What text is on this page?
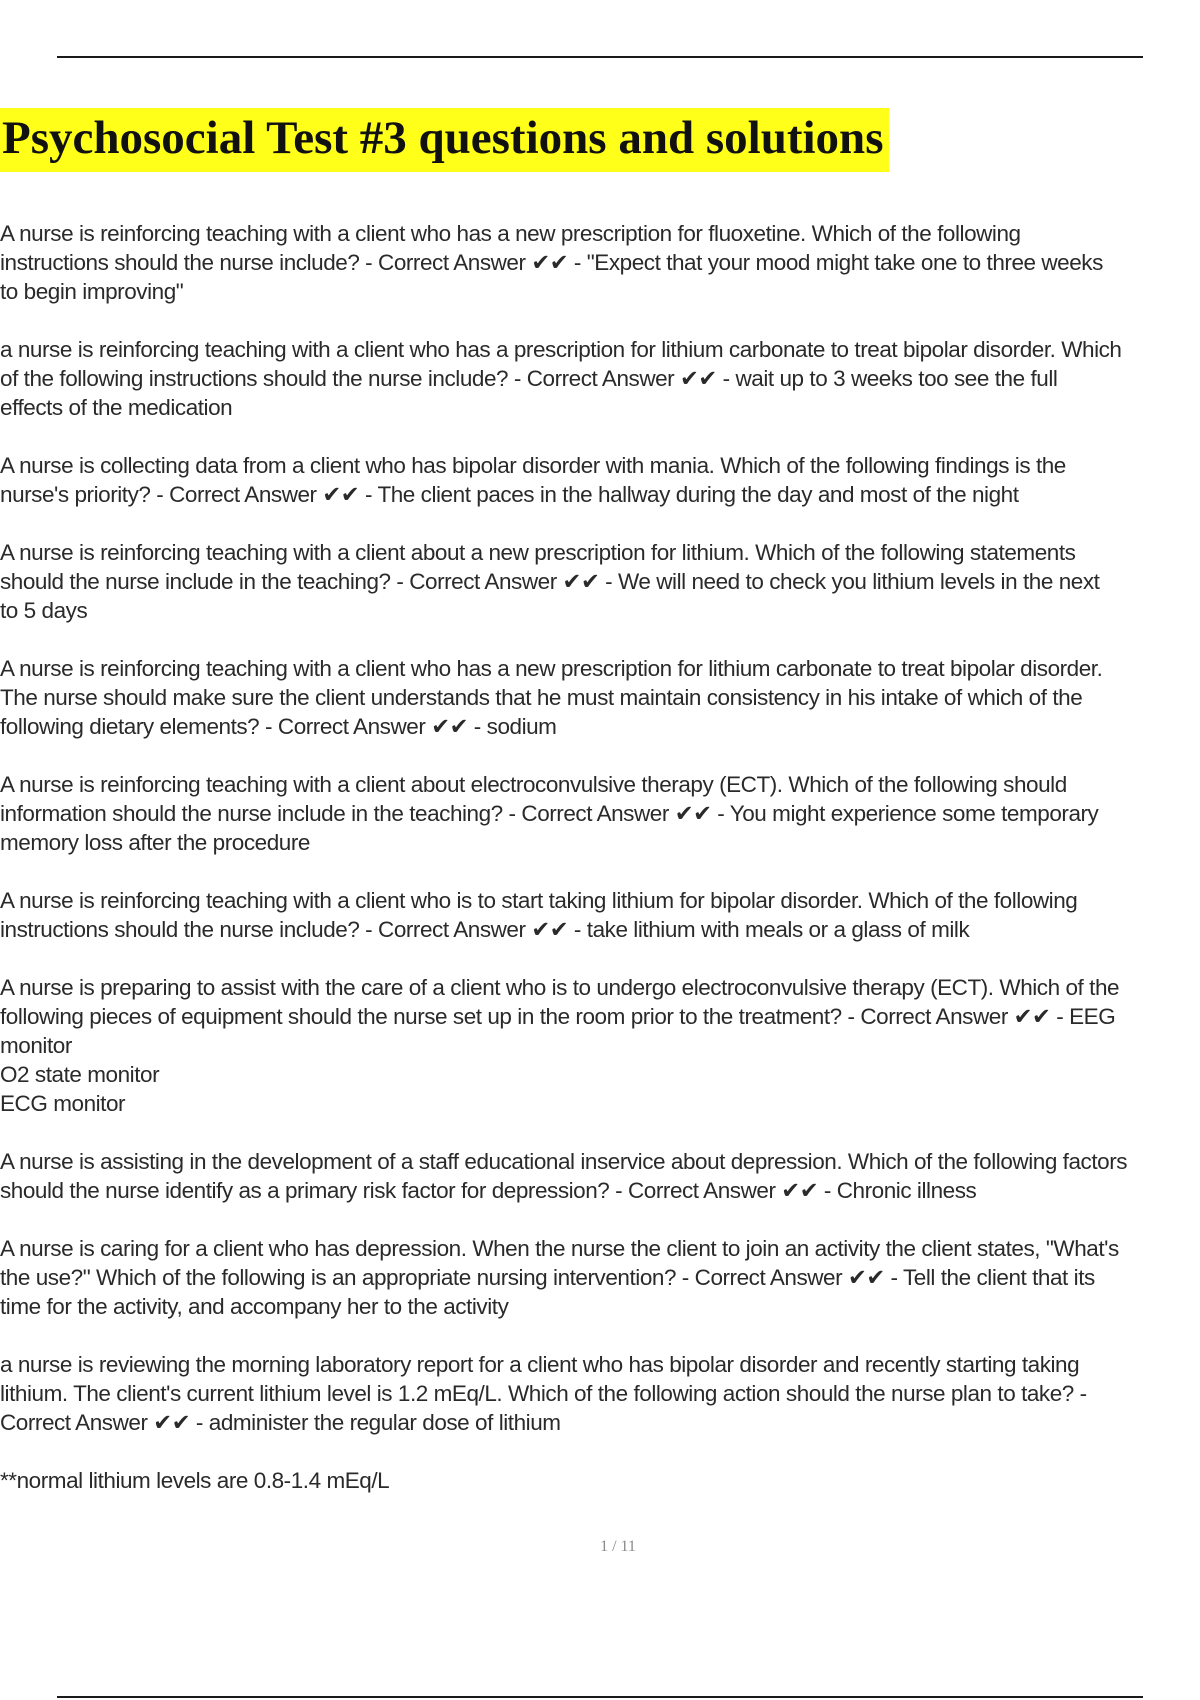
Psychosocial Test #3 questions and solutions

A nurse is reinforcing teaching with a client who has a new prescription for fluoxetine. Which of the following
instructions should the nurse include? - Correct Answer ✔✔ - "Expect that your mood might take one to three weeks
to begin improving"

a nurse is reinforcing teaching with a client who has a prescription for lithium carbonate to treat bipolar disorder. Which
of the following instructions should the nurse include? - Correct Answer ✔✔ - wait up to 3 weeks too see the full
effects of the medication

A nurse is collecting data from a client who has bipolar disorder with mania. Which of the following findings is the
nurse's priority? - Correct Answer ✔✔ - The client paces in the hallway during the day and most of the night

A nurse is reinforcing teaching with a client about a new prescription for lithium. Which of the following statements
should the nurse include in the teaching? - Correct Answer ✔✔ - We will need to check you lithium levels in the next
to 5 days

A nurse is reinforcing teaching with a client who has a new prescription for lithium carbonate to treat bipolar disorder.
The nurse should make sure the client understands that he must maintain consistency in his intake of which of the
following dietary elements? - Correct Answer ✔✔ - sodium

A nurse is reinforcing teaching with a client about electroconvulsive therapy (ECT). Which of the following should
information should the nurse include in the teaching? - Correct Answer ✔✔ - You might experience some temporary
memory loss after the procedure

A nurse is reinforcing teaching with a client who is to start taking lithium for bipolar disorder. Which of the following
instructions should the nurse include? - Correct Answer ✔✔ - take lithium with meals or a glass of milk

A nurse is preparing to assist with the care of a client who is to undergo electroconvulsive therapy (ECT). Which of the
following pieces of equipment should the nurse set up in the room prior to the treatment? - Correct Answer ✔✔ - EEG
monitor
O2 state monitor
ECG monitor

A nurse is assisting in the development of a staff educational inservice about depression. Which of the following factors
should the nurse identify as a primary risk factor for depression? - Correct Answer ✔✔ - Chronic illness

A nurse is caring for a client who has depression. When the nurse the client to join an activity the client states, "What's
the use?" Which of the following is an appropriate nursing intervention? - Correct Answer ✔✔ - Tell the client that its
time for the activity, and accompany her to the activity

a nurse is reviewing the morning laboratory report for a client who has bipolar disorder and recently starting taking
lithium. The client's current lithium level is 1.2 mEq/L. Which of the following action should the nurse plan to take? -
Correct Answer ✔✔ - administer the regular dose of lithium

**normal lithium levels are 0.8-1.4 mEq/L

1 / 11
